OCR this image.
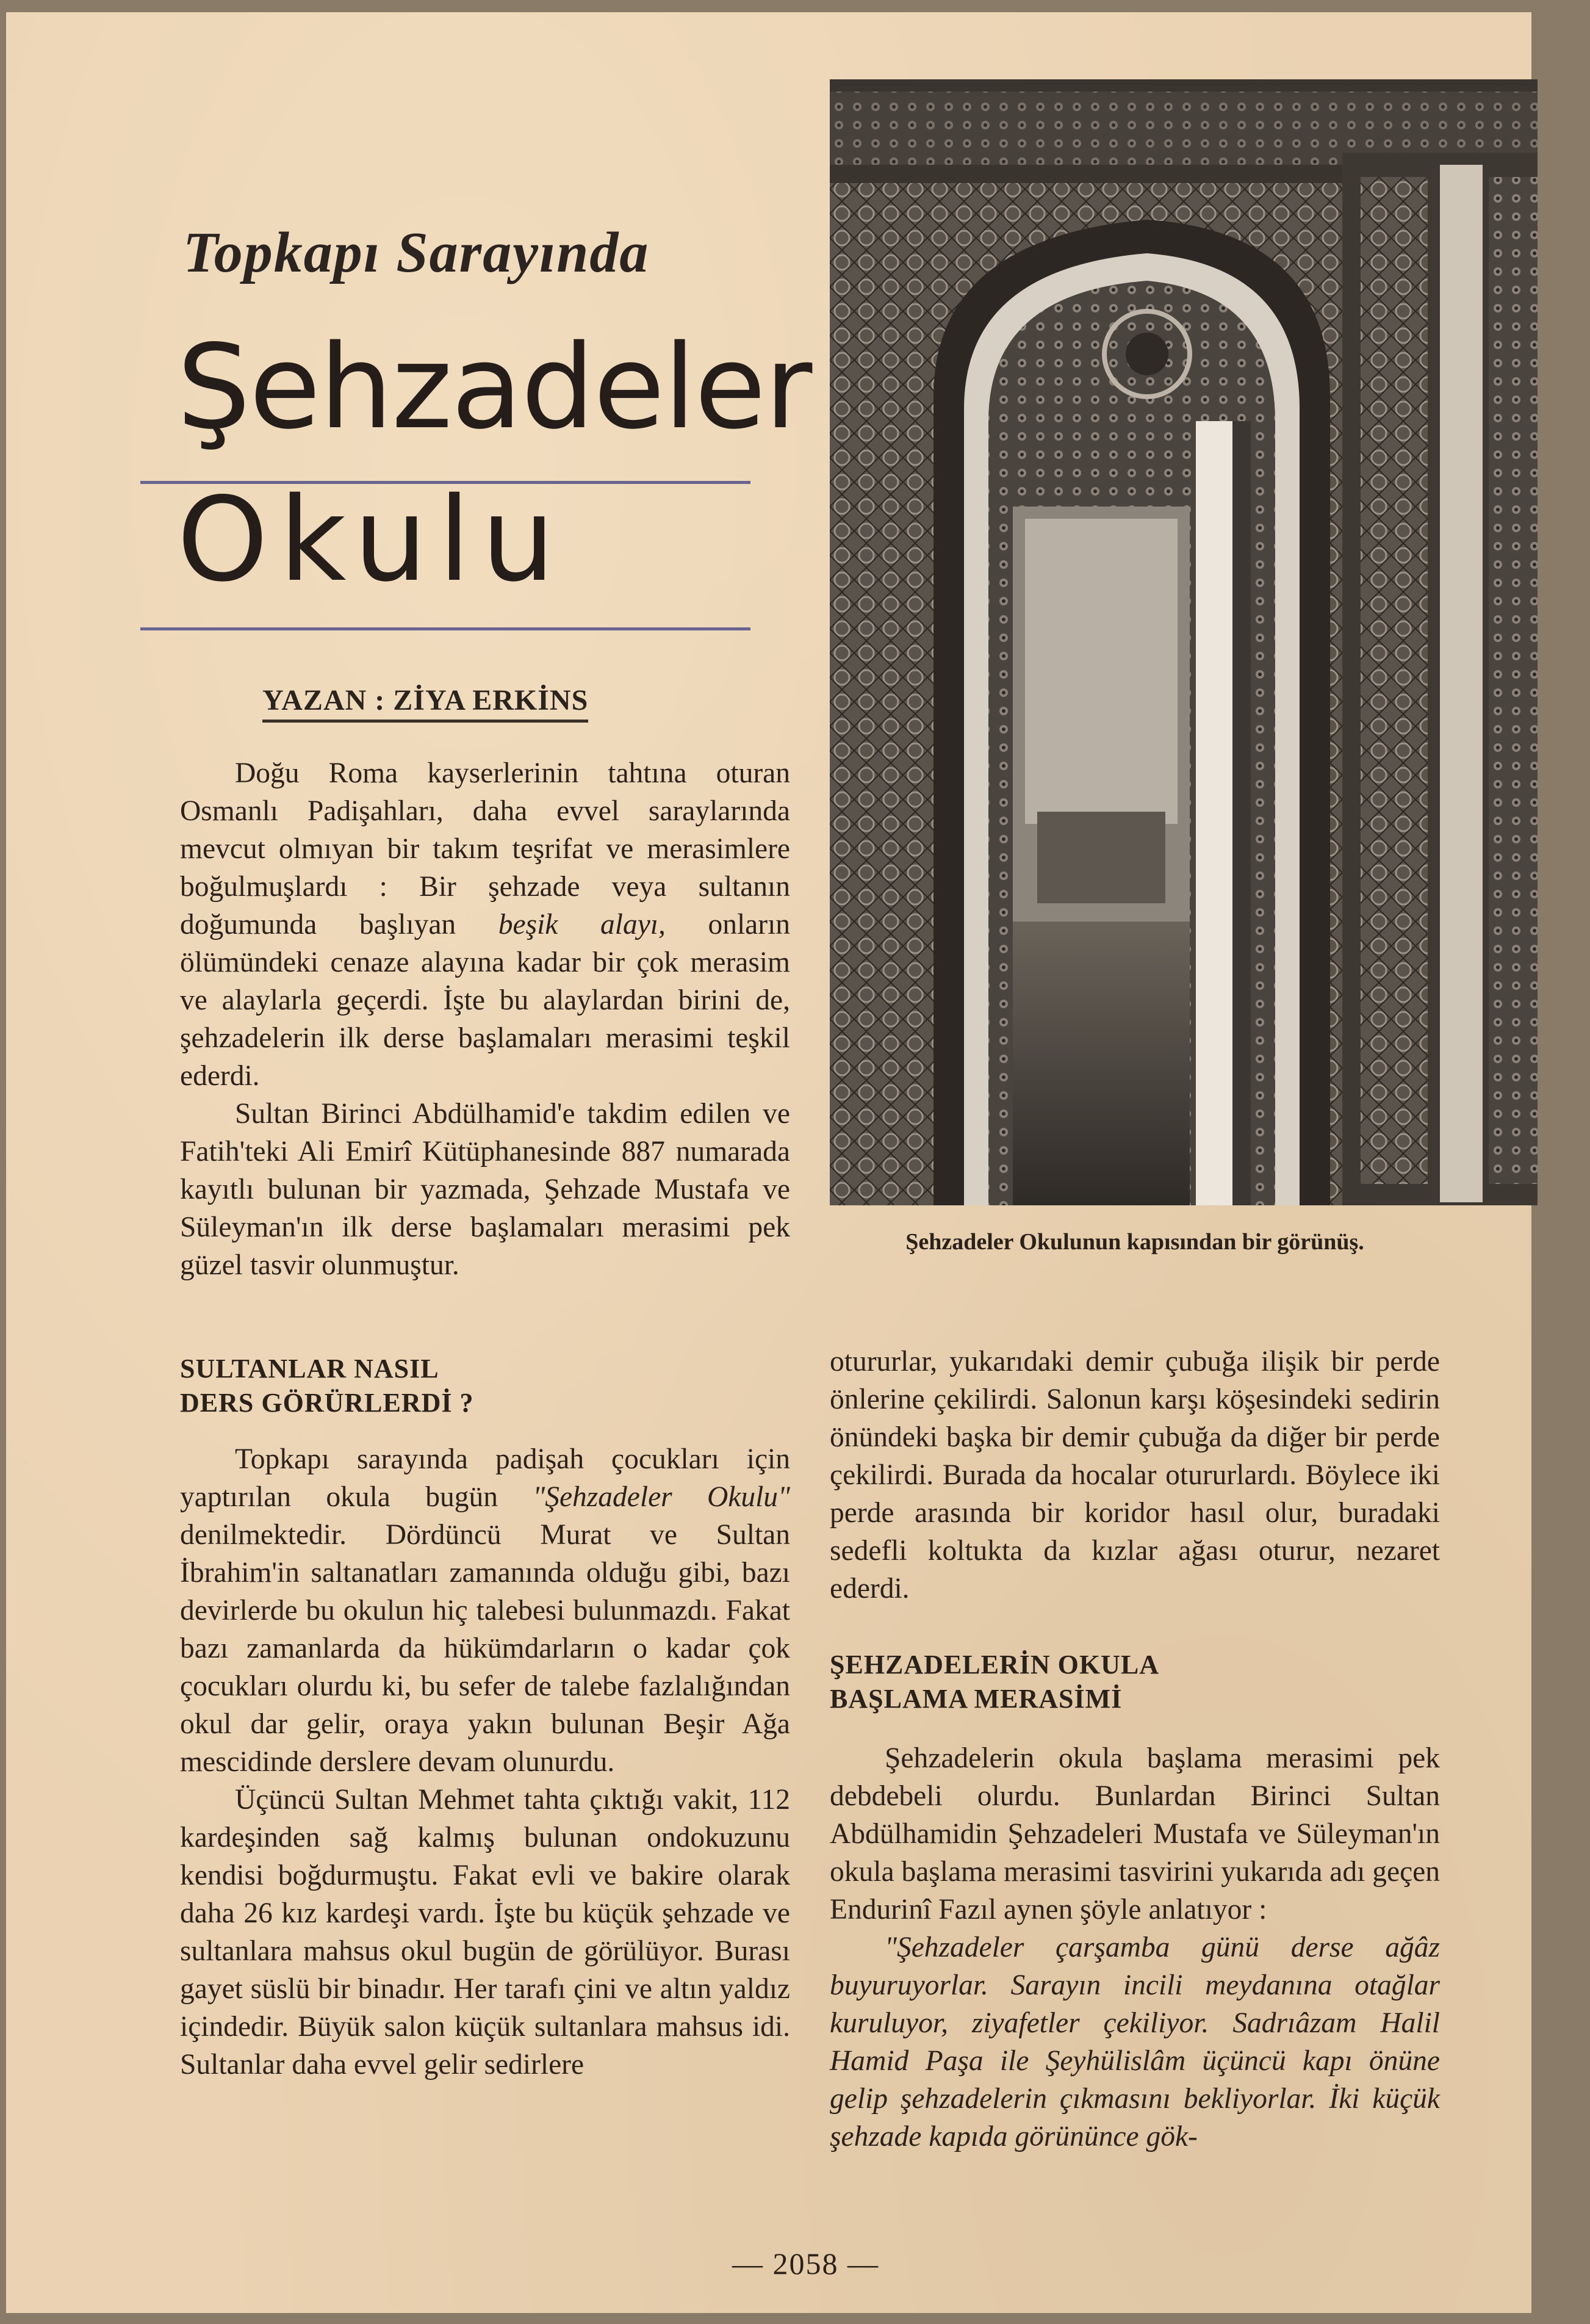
Topkapı Sarayında
Şehzadeler
Okulu
YAZAN : ZİYA ERKİNS

Doğu Roma kayserlerinin tahtına oturan Osmanlı Padişahları, daha evvel saraylarında mevcut olmıyan bir takım teşrifat ve merasimlere boğulmuşlardı : Bir şehzade veya sultanın doğumunda başlıyan beşik alayı, onların ölümündeki cenaze alayına kadar bir çok merasim ve alaylarla geçerdi. İşte bu alaylardan birini de, şehzadelerin ilk derse başlamaları merasimi teşkil ederdi.

Sultan Birinci Abdülhamid'e takdim edilen ve Fatih'teki Ali Emirî Kütüphanesinde 887 numarada kayıtlı bulunan bir yazmada, Şehzade Mustafa ve Süleyman'ın ilk derse başlamaları merasimi pek güzel tasvir olunmuştur.

SULTANLAR NASIL
DERS GÖRÜRLERDİ ?

Topkapı sarayında padişah çocukları için yaptırılan okula bugün "Şehzadeler Okulu" denilmektedir. Dördüncü Murat ve Sultan İbrahim'in saltanatları zamanında olduğu gibi, bazı devirlerde bu okulun hiç talebesi bulunmazdı. Fakat bazı zamanlarda da hükümdarların o kadar çok çocukları olurdu ki, bu sefer de talebe fazlalığından okul dar gelir, oraya yakın bulunan Beşir Ağa mescidinde derslere devam olunurdu.

Üçüncü Sultan Mehmet tahta çıktığı vakit, 112 kardeşinden sağ kalmış bulunan ondokuzunu kendisi boğdurmuştu. Fakat evli ve bakire olarak daha 26 kız kardeşi vardı. İşte bu küçük şehzade ve sultanlara mahsus okul bugün de görülüyor. Burası gayet süslü bir binadır. Her tarafı çini ve altın yaldız içindedir. Büyük salon küçük sultanlara mahsus idi. Sultanlar daha evvel gelir sedirlere

Şehzadeler Okulunun kapısından bir görünüş.

otururlar, yukarıdaki demir çubuğa ilişik bir perde önlerine çekilirdi. Salonun karşı köşesindeki sedirin önündeki başka bir demir çubuğa da diğer bir perde çekilirdi. Burada da hocalar otururlardı. Böylece iki perde arasında bir koridor hasıl olur, buradaki sedefli koltukta da kızlar ağası oturur, nezaret ederdi.

ŞEHZADELERİN OKULA
BAŞLAMA MERASİMİ

Şehzadelerin okula başlama merasimi pek debdebeli olurdu. Bunlardan Birinci Sultan Abdülhamidin Şehzadeleri Mustafa ve Süleyman'ın okula başlama merasimi tasvirini yukarıda adı geçen Endurinî Fazıl aynen şöyle anlatıyor :

"Şehzadeler çarşamba günü derse ağâz buyuruyorlar. Sarayın incili meydanına otağlar kuruluyor, ziyafetler çekiliyor. Sadrıâzam Halil Hamid Paşa ile Şeyhülislâm üçüncü kapı önüne gelip şehzadelerin çıkmasını bekliyorlar. İki küçük şehzade kapıda görününce gök-

— 2058 —
